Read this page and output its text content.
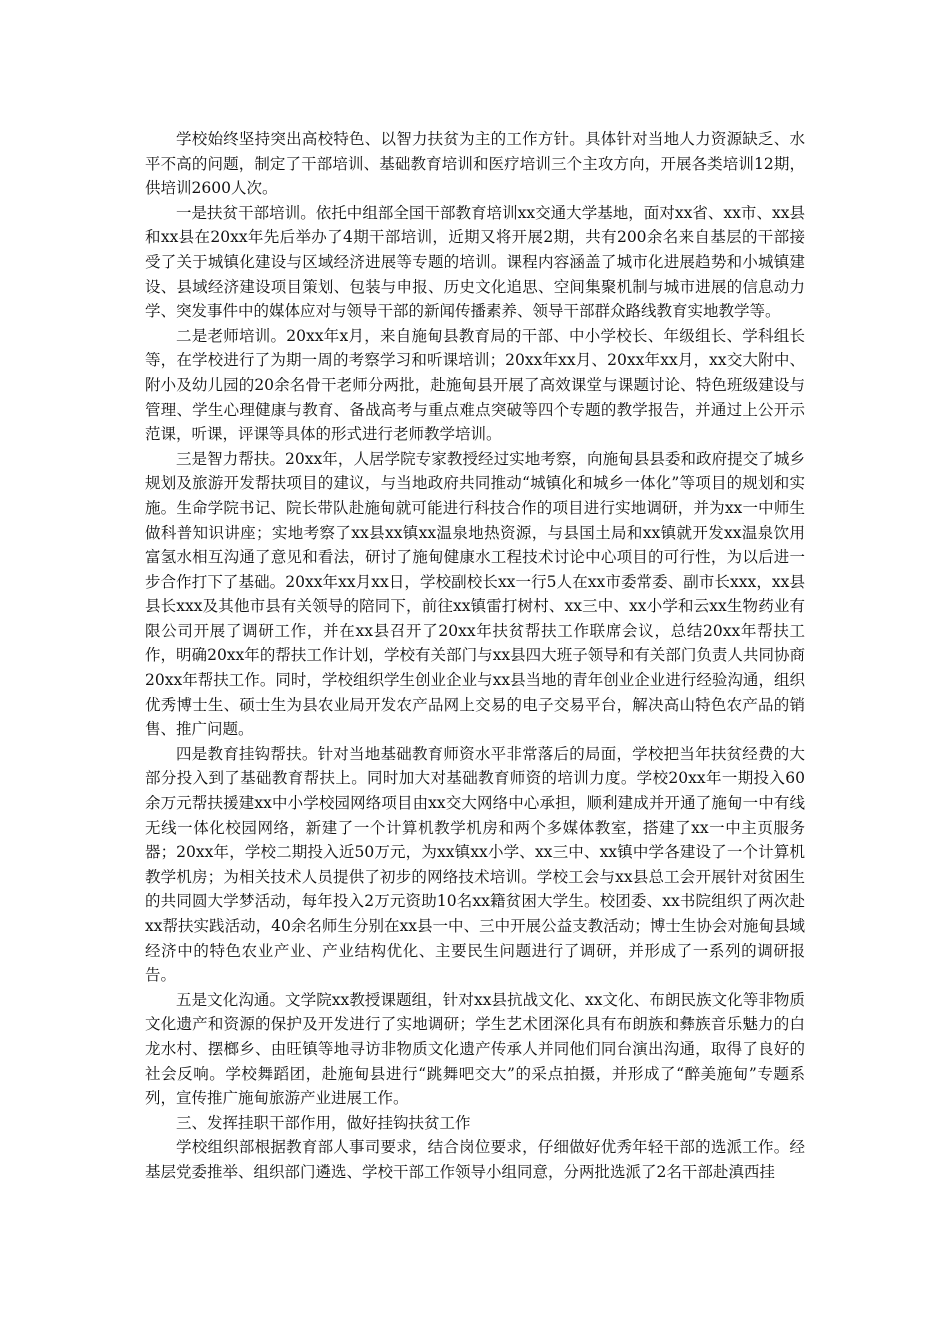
学校始终坚持突出高校特色、以智力扶贫为主的工作方针。具体针对当地人力资源缺乏、水平不高的问题，制定了干部培训、基础教育培训和医疗培训三个主攻方向，开展各类培训12期，供培训2600人次。

一是扶贫干部培训。依托中组部全国干部教育培训xx交通大学基地，面对xx省、xx市、xx县和xx县在20xx年先后举办了4期干部培训，近期又将开展2期，共有200余名来自基层的干部接受了关于城镇化建设与区域经济进展等专题的培训。课程内容涵盖了城市化进展趋势和小城镇建设、县域经济建设项目策划、包装与申报、历史文化追思、空间集聚机制与城市进展的信息动力学、突发事件中的媒体应对与领导干部的新闻传播素养、领导干部群众路线教育实地教学等。

二是老师培训。20xx年x月，来自施甸县教育局的干部、中小学校长、年级组长、学科组长等，在学校进行了为期一周的考察学习和听课培训；20xx年xx月、20xx年xx月，xx交大附中、附小及幼儿园的20余名骨干老师分两批，赴施甸县开展了高效课堂与课题讨论、特色班级建设与管理、学生心理健康与教育、备战高考与重点难点突破等四个专题的教学报告，并通过上公开示范课，听课，评课等具体的形式进行老师教学培训。

三是智力帮扶。20xx年，人居学院专家教授经过实地考察，向施甸县县委和政府提交了城乡规划及旅游开发帮扶项目的建议，与当地政府共同推动“城镇化和城乡一体化”等项目的规划和实施。生命学院书记、院长带队赴施甸就可能进行科技合作的项目进行实地调研，并为xx一中师生做科普知识讲座；实地考察了xx县xx镇xx温泉地热资源，与县国土局和xx镇就开发xx温泉饮用富氢水相互沟通了意见和看法，研讨了施甸健康水工程技术讨论中心项目的可行性，为以后进一步合作打下了基础。20xx年xx月xx日，学校副校长xx一行5人在xx市委常委、副市长xxx，xx县县长xxx及其他市县有关领导的陪同下，前往xx镇雷打树村、xx三中、xx小学和云xx生物药业有限公司开展了调研工作，并在xx县召开了20xx年扶贫帮扶工作联席会议，总结20xx年帮扶工作，明确20xx年的帮扶工作计划，学校有关部门与xx县四大班子领导和有关部门负责人共同协商20xx年帮扶工作。同时，学校组织学生创业企业与xx县当地的青年创业企业进行经验沟通，组织优秀博士生、硕士生为县农业局开发农产品网上交易的电子交易平台，解决高山特色农产品的销售、推广问题。

四是教育挂钩帮扶。针对当地基础教育师资水平非常落后的局面，学校把当年扶贫经费的大部分投入到了基础教育帮扶上。同时加大对基础教育师资的培训力度。学校20xx年一期投入60余万元帮扶援建xx中小学校园网络项目由xx交大网络中心承担，顺利建成并开通了施甸一中有线无线一体化校园网络，新建了一个计算机教学机房和两个多媒体教室，搭建了xx一中主页服务器；20xx年，学校二期投入近50万元，为xx镇xx小学、xx三中、xx镇中学各建设了一个计算机教学机房；为相关技术人员提供了初步的网络技术培训。学校工会与xx县总工会开展针对贫困生的共同圆大学梦活动，每年投入2万元资助10名xx籍贫困大学生。校团委、xx书院组织了两次赴xx帮扶实践活动，40余名师生分别在xx县一中、三中开展公益支教活动；博士生协会对施甸县域经济中的特色农业产业、产业结构优化、主要民生问题进行了调研，并形成了一系列的调研报告。

五是文化沟通。文学院xx教授课题组，针对xx县抗战文化、xx文化、布朗民族文化等非物质文化遗产和资源的保护及开发进行了实地调研；学生艺术团深化具有布朗族和彝族音乐魅力的白龙水村、摆榔乡、由旺镇等地寻访非物质文化遗产传承人并同他们同台演出沟通，取得了良好的社会反响。学校舞蹈团，赴施甸县进行“跳舞吧交大”的采点拍摄，并形成了“醉美施甸”专题系列，宣传推广施甸旅游产业进展工作。

三、发挥挂职干部作用，做好挂钩扶贫工作

学校组织部根据教育部人事司要求，结合岗位要求，仔细做好优秀年轻干部的选派工作。经基层党委推举、组织部门遴选、学校干部工作领导小组同意，分两批选派了2名干部赴滇西挂
